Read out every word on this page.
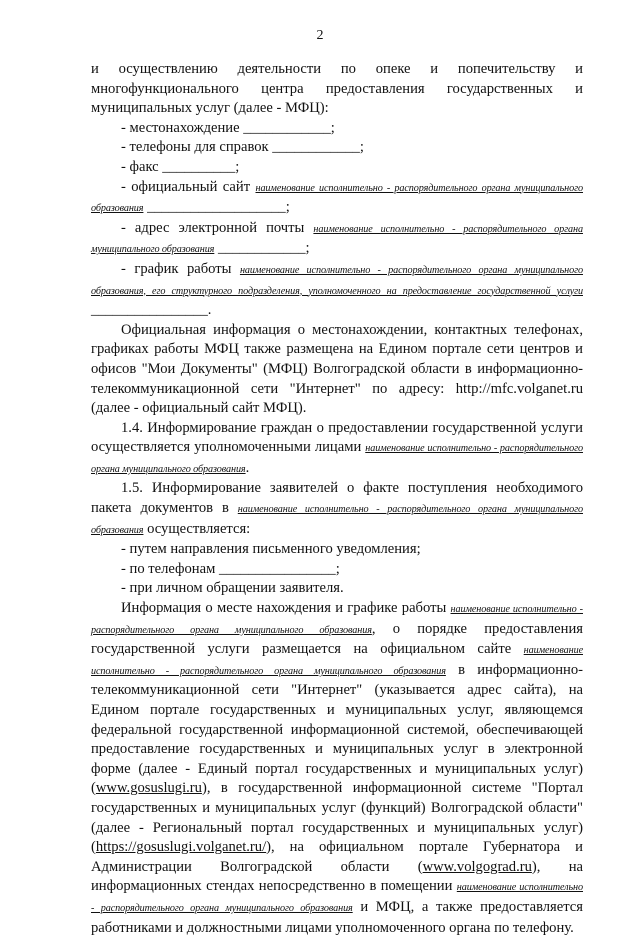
2

и осуществлению деятельности по опеке и попечительству и многофункционального центра предоставления государственных и муниципальных услуг (далее - МФЦ):

- местонахождение ____________;

- телефоны для справок ____________;

- факс __________;

- официальный сайт наименование исполнительно - распорядительного органа муниципального образования ___________________;

- адрес электронной почты наименование исполнительно - распорядительного органа муниципального образования ____________;

- график работы наименование исполнительно - распорядительного органа муниципального образования, его структурного подразделения, уполномоченного на предоставление государственной услуги ________________.

Официальная информация о местонахождении, контактных телефонах, графиках работы МФЦ также размещена на Едином портале сети центров и офисов "Мои Документы" (МФЦ) Волгоградской области в информационно-телекоммуникационной сети "Интернет" по адресу: http://mfc.volganet.ru (далее - официальный сайт МФЦ).

1.4. Информирование граждан о предоставлении государственной услуги осуществляется уполномоченными лицами наименование исполнительно - распорядительного органа муниципального образования.

1.5. Информирование заявителей о факте поступления необходимого пакета документов в наименование исполнительно - распорядительного органа муниципального образования осуществляется:

- путем направления письменного уведомления;

- по телефонам ________________;

- при личном обращении заявителя.

Информация о месте нахождения и графике работы наименование исполнительно - распорядительного органа муниципального образования, о порядке предоставления государственной услуги размещается на официальном сайте наименование исполнительно - распорядительного органа муниципального образования в информационно-телекоммуникационной сети "Интернет" (указывается адрес сайта), на Едином портале государственных и муниципальных услуг, являющемся федеральной государственной информационной системой, обеспечивающей предоставление государственных и муниципальных услуг в электронной форме (далее - Единый портал государственных и муниципальных услуг) (www.gosuslugi.ru), в государственной информационной системе "Портал государственных и муниципальных услуг (функций) Волгоградской области" (далее - Региональный портал государственных и муниципальных услуг) (https://gosuslugi.volganet.ru/), на официальном портале Губернатора и Администрации Волгоградской области (www.volgograd.ru), на информационных стендах непосредственно в помещении наименование исполнительно - распорядительного органа муниципального образования и МФЦ, а также предоставляется работниками и должностными лицами уполномоченного органа по телефону.
